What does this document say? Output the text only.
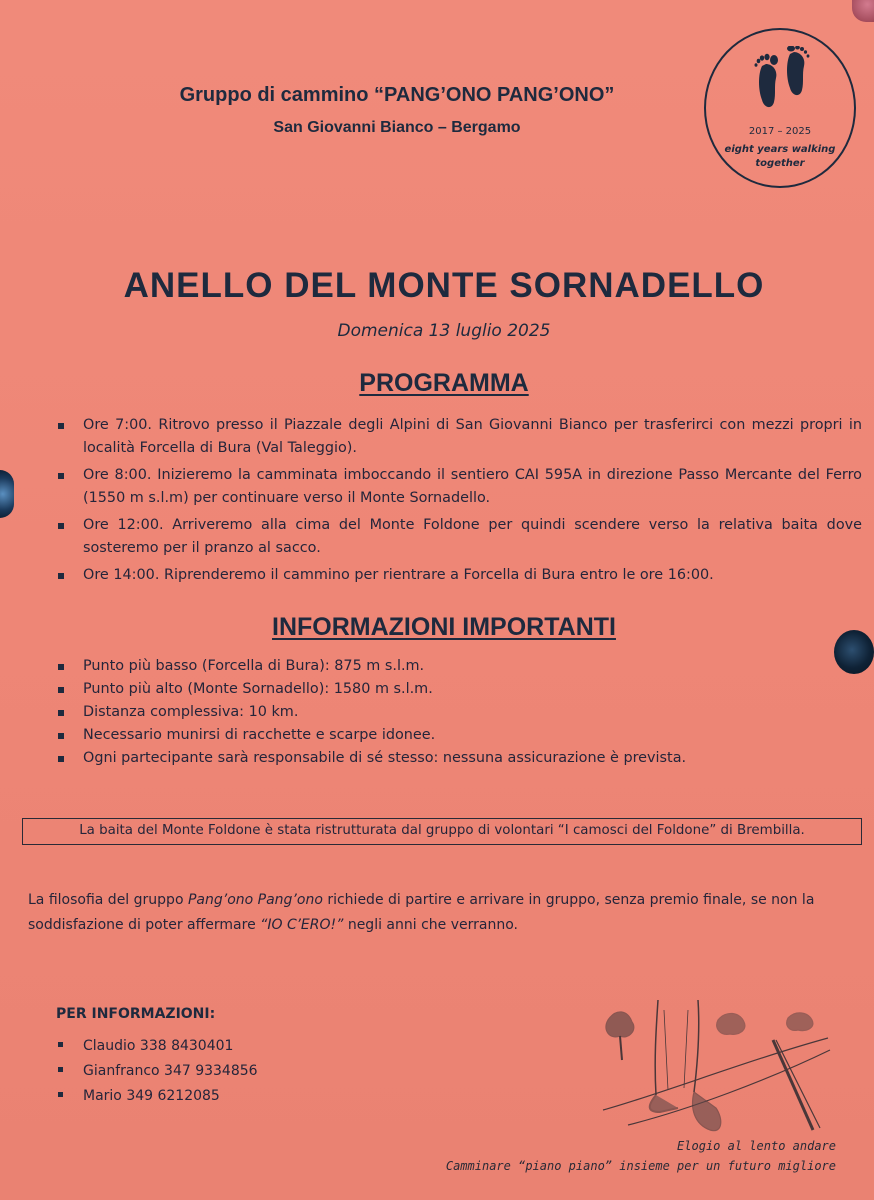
Gruppo di cammino “PANG’ONO PANG’ONO”
San Giovanni Bianco – Bergamo	2017 – 2025
eight years walking together
ANELLO DEL MONTE SORNADELLO
Domenica 13 luglio 2025
PROGRAMMA
Ore 7:00. Ritrovo presso il Piazzale degli Alpini di San Giovanni Bianco per trasferirci con mezzi propri in località Forcella di Bura (Val Taleggio).
Ore 8:00. Inizieremo la camminata imboccando il sentiero CAI 595A in direzione Passo Mercante del Ferro (1550 m s.l.m) per continuare verso il Monte Sornadello.
Ore 12:00. Arriveremo alla cima del Monte Foldone per quindi scendere verso la relativa baita dove sosteremo per il pranzo al sacco.
Ore 14:00. Riprenderemo il cammino per rientrare a Forcella di Bura entro le ore 16:00.
INFORMAZIONI IMPORTANTI
Punto più basso (Forcella di Bura): 875 m s.l.m.
Punto più alto (Monte Sornadello): 1580 m s.l.m.
Distanza complessiva: 10 km.
Necessario munirsi di racchette e scarpe idonee.
Ogni partecipante sarà responsabile di sé stesso: nessuna assicurazione è prevista.
La baita del Monte Foldone è stata ristrutturata dal gruppo di volontari “I camosci del Foldone” di Brembilla.
La filosofia del gruppo Pang’ono Pang’ono richiede di partire e arrivare in gruppo, senza premio finale, se non la soddisfazione di poter affermare “IO C’ERO!” negli anni che verranno.
PER INFORMAZIONI:
Claudio 338 8430401
Gianfranco 347 9334856
Mario 349 6212085
Elogio al lento andare
Camminare “piano piano” insieme per un futuro migliore
